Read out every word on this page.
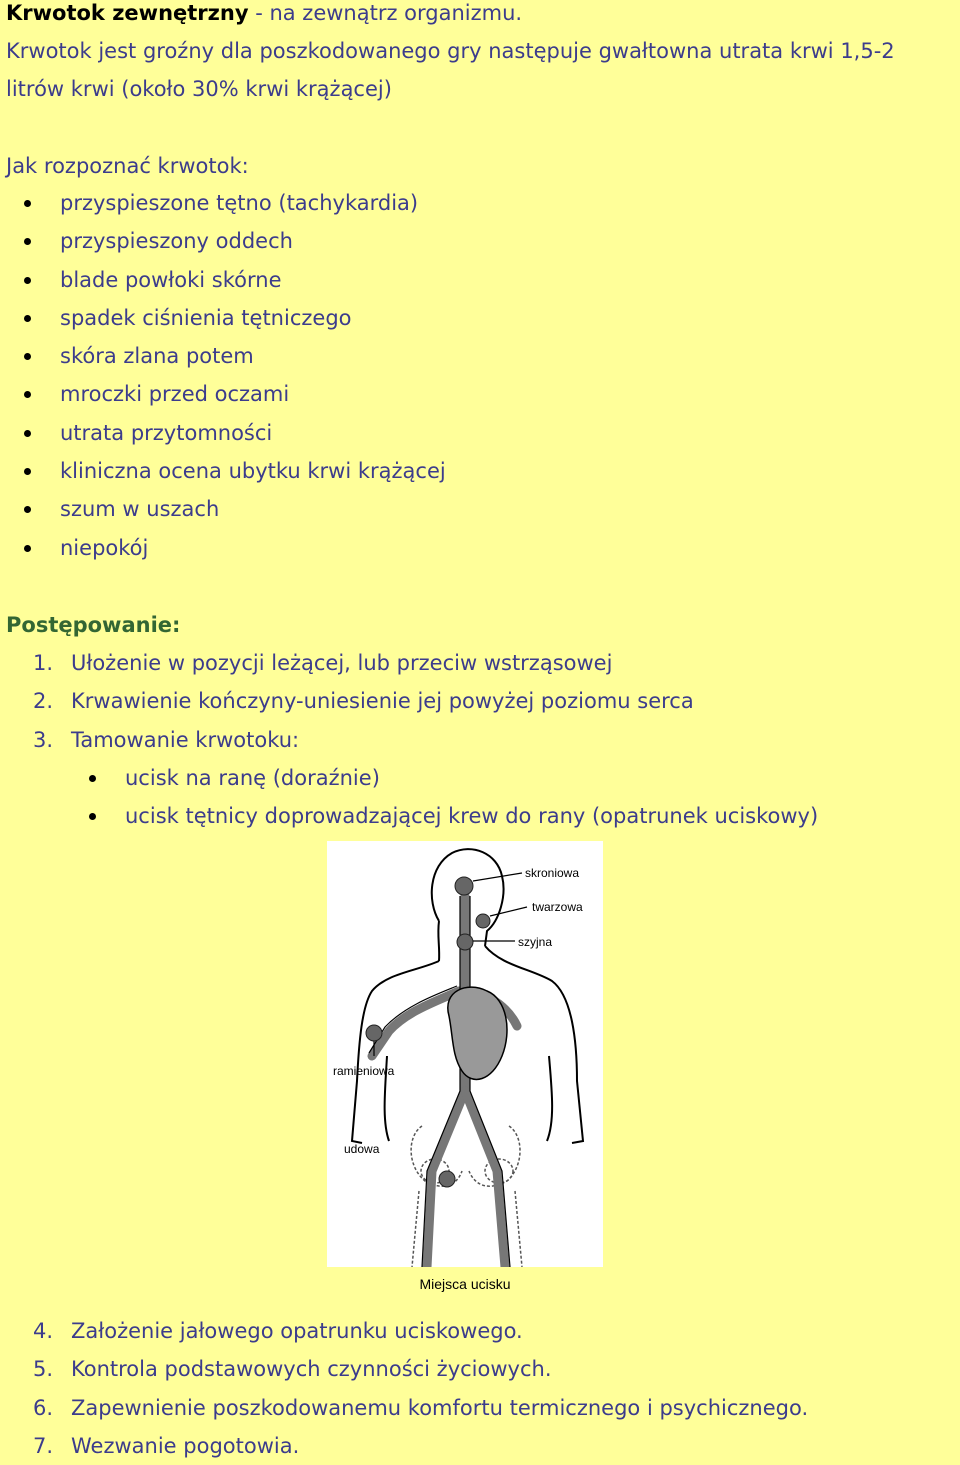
Krwotok zewnętrzny - na zewnątrz organizmu.
Krwotok jest groźny dla poszkodowanego gry następuje gwałtowna utrata krwi 1,5-2
litrów krwi (około 30% krwi krążącej)
Jak rozpoznać krwotok:
przyspieszone tętno (tachykardia)
przyspieszony oddech
blade powłoki skórne
spadek ciśnienia tętniczego
skóra zlana potem
mroczki przed oczami
utrata przytomności
kliniczna ocena ubytku krwi krążącej
szum w uszach
niepokój
Postępowanie:
1. Ułożenie w pozycji leżącej, lub przeciw wstrząsowej
2. Krwawienie kończyny-uniesienie jej powyżej poziomu serca
3. Tamowanie krwotoku:
ucisk na ranę (doraźnie)
ucisk tętnicy doprowadzającej krew do rany (opatrunek uciskowy)
skroniowa
twarzowa
szyjna
ramieniowa
udowa
Miejsca ucisku
4. Założenie jałowego opatrunku uciskowego.
5. Kontrola podstawowych czynności życiowych.
6. Zapewnienie poszkodowanemu komfortu termicznego i psychicznego.
7. Wezwanie pogotowia.
